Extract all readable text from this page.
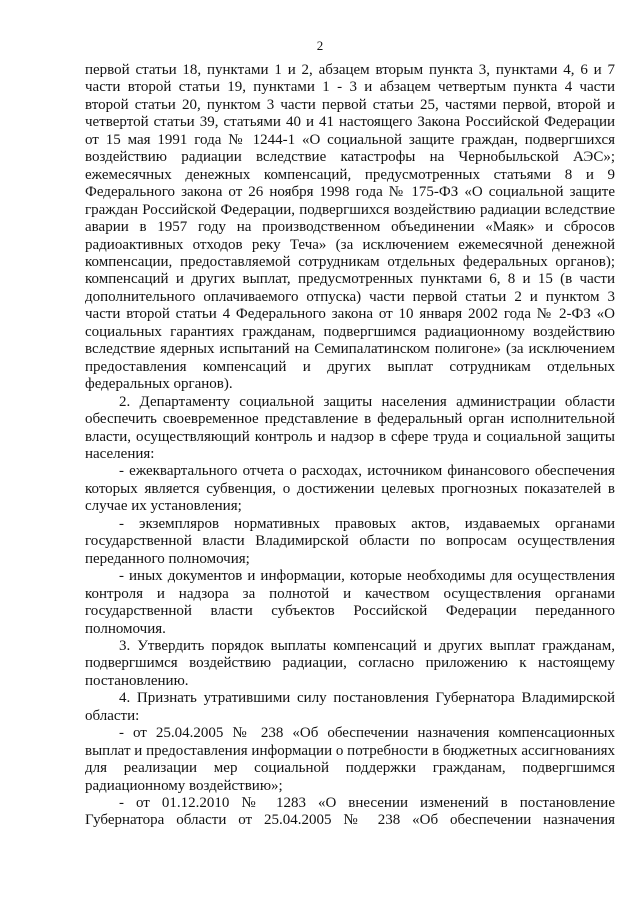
2

первой статьи 18, пунктами 1 и 2, абзацем вторым пункта 3, пунктами 4, 6 и 7

части второй статьи 19, пунктами 1 - 3 и абзацем четвертым пункта 4 части

второй статьи 20, пунктом 3 части первой статьи 25, частями первой, второй и

четвертой статьи 39, статьями 40 и 41 настоящего Закона Российской Федерации

от 15 мая 1991 года № 1244-1 «О социальной защите граждан, подвергшихся

воздействию радиации вследствие катастрофы на Чернобыльской АЭС»;

ежемесячных денежных компенсаций, предусмотренных статьями 8 и 9

Федерального закона от 26 ноября 1998 года № 175-ФЗ «О социальной защите

граждан Российской Федерации, подвергшихся воздействию радиации вследствие

аварии в 1957 году на производственном объединении «Маяк» и сбросов

радиоактивных отходов реку Теча» (за исключением ежемесячной денежной

компенсации, предоставляемой сотрудникам отдельных федеральных органов);

компенсаций и других выплат, предусмотренных пунктами 6, 8 и 15 (в части

дополнительного оплачиваемого отпуска) части первой статьи 2 и пунктом 3

части второй статьи 4 Федерального закона от 10 января 2002 года № 2-ФЗ «О

социальных гарантиях гражданам, подвергшимся радиационному воздействию

вследствие ядерных испытаний на Семипалатинском полигоне» (за исключением

предоставления компенсаций и других выплат сотрудникам отдельных

федеральных органов).

2. Департаменту социальной защиты населения администрации области

обеспечить своевременное представление в федеральный орган исполнительной

власти, осуществляющий контроль и надзор в сфере труда и социальной защиты

населения:

- ежеквартального отчета о расходах, источником финансового обеспечения

которых является субвенция, о достижении целевых прогнозных показателей в

случае их установления;

- экземпляров нормативных правовых актов, издаваемых органами

государственной власти Владимирской области по вопросам осуществления

переданного полномочия;

- иных документов и информации, которые необходимы для осуществления

контроля и надзора за полнотой и качеством осуществления органами

государственной власти субъектов Российской Федерации переданного

полномочия.

3. Утвердить порядок выплаты компенсаций и других выплат гражданам,

подвергшимся воздействию радиации, согласно приложению к настоящему

постановлению.

4. Признать утратившими силу постановления Губернатора Владимирской

области:

- от 25.04.2005 № 238 «Об обеспечении назначения компенсационных

выплат и предоставления информации о потребности в бюджетных ассигнованиях

для реализации мер социальной поддержки гражданам, подвергшимся

радиационному воздействию»;

- от 01.12.2010 № 1283 «О внесении изменений в постановление

Губернатора области от 25.04.2005 № 238 «Об обеспечении назначения
